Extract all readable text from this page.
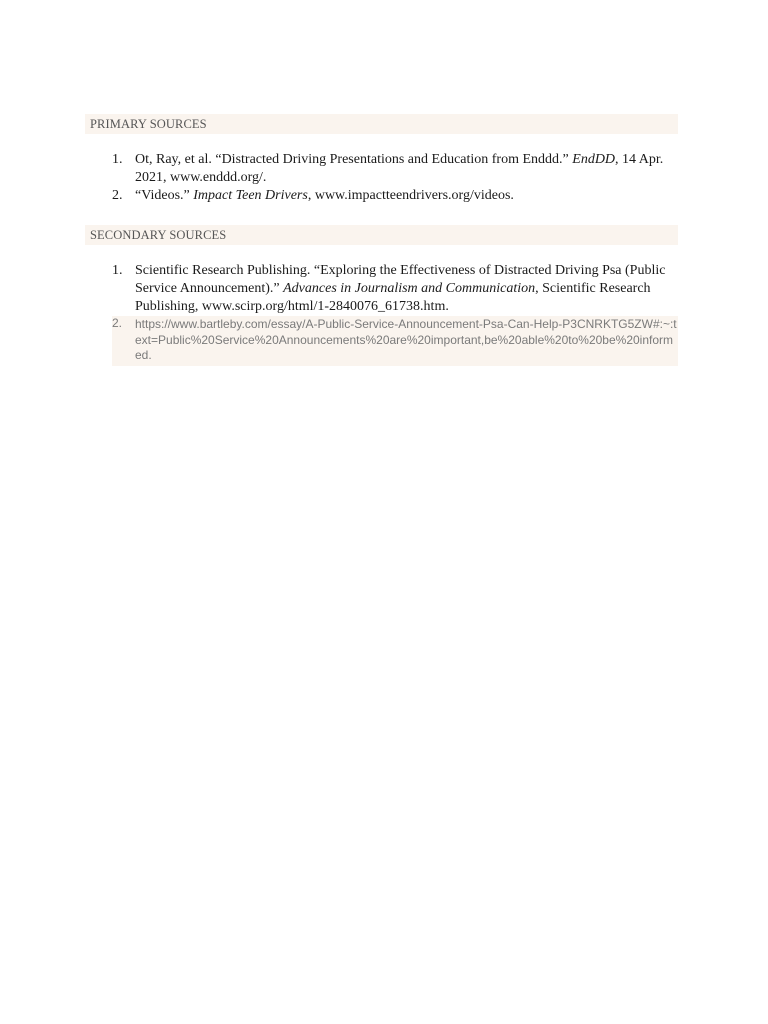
PRIMARY SOURCES
1. Ot, Ray, et al. “Distracted Driving Presentations and Education from Enddd.” EndDD, 14 Apr. 2021, www.enddd.org/.
2. “Videos.” Impact Teen Drivers, www.impactteendrivers.org/videos.
SECONDARY SOURCES
1. Scientific Research Publishing. “Exploring the Effectiveness of Distracted Driving Psa (Public Service Announcement).” Advances in Journalism and Communication, Scientific Research Publishing, www.scirp.org/html/1-2840076_61738.htm.
2. https://www.bartleby.com/essay/A-Public-Service-Announcement-Psa-Can-Help-P3CNRKTG5ZW#:~:text=Public%20Service%20Announcements%20are%20important,be%20able%20to%20be%20informed.
